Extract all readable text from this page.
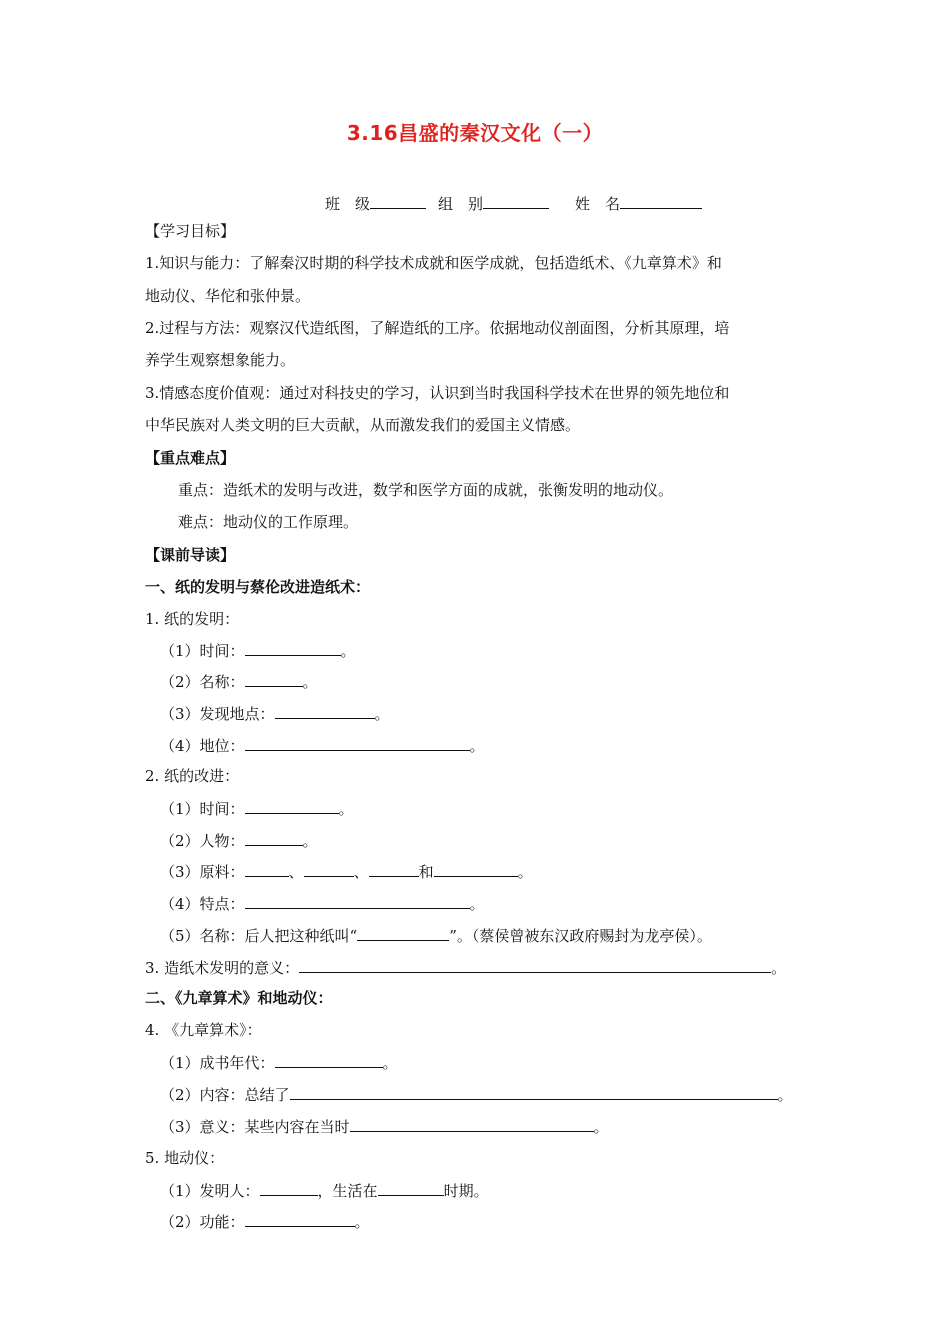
3.16昌盛的秦汉文化（一）
班　级	组　别	姓　名
【学习目标】
1.知识与能力：了解秦汉时期的科学技术成就和医学成就，包括造纸术、《九章算术》和
地动仪、华佗和张仲景。
2.过程与方法：观察汉代造纸图，了解造纸的工序。依据地动仪剖面图，分析其原理，培
养学生观察想象能力。
3.情感态度价值观：通过对科技史的学习，认识到当时我国科学技术在世界的领先地位和
中华民族对人类文明的巨大贡献，从而激发我们的爱国主义情感。
【重点难点】
重点：造纸术的发明与改进，数学和医学方面的成就，张衡发明的地动仪。
难点：地动仪的工作原理。
【课前导读】
一、纸的发明与蔡伦改进造纸术：
1. 纸的发明：
（1）时间：	。
（2）名称：	。
（3）发现地点：	。
（4）地位：	。
2. 纸的改进：
（1）时间：	。
（2）人物：	。
（3）原料：	、	、	和	。
（4）特点：	。
（5）名称：后人把这种纸叫“	”。（蔡侯曾被东汉政府赐封为龙亭侯）。
3. 造纸术发明的意义：	。
二、《九章算术》和地动仪：
4. 《九章算术》：
（1）成书年代：	。
（2）内容：总结了	。
（3）意义：某些内容在当时	。
5. 地动仪：
（1）发明人：	，生活在	时期。
（2）功能：	。
